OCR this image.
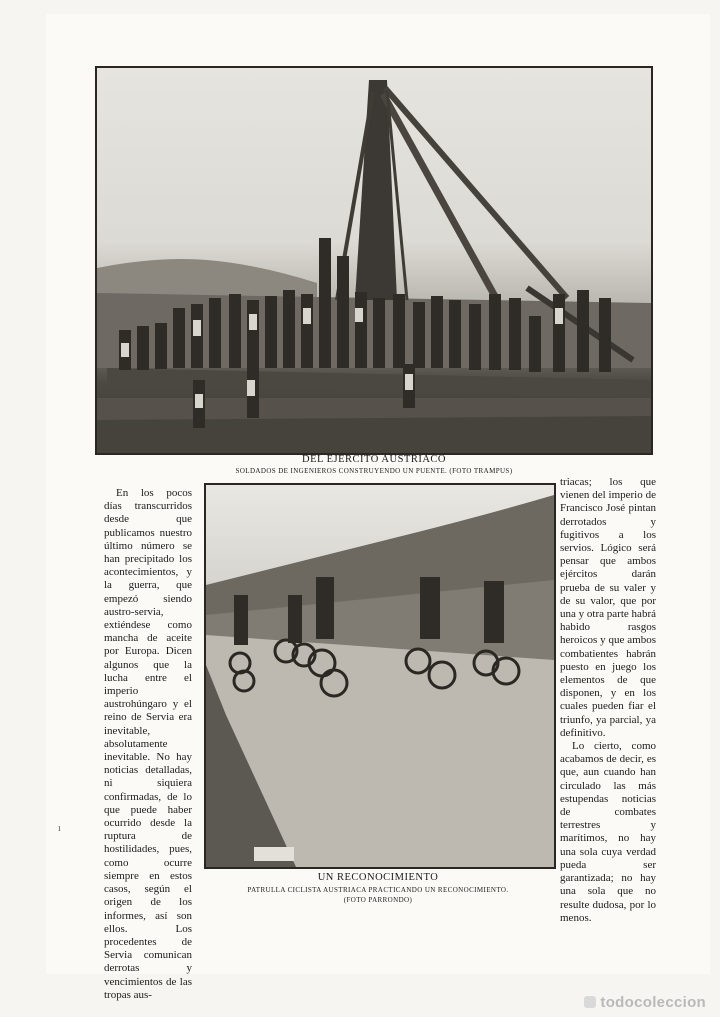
DEL EJERCITO AUSTRIACO
SOLDADOS DE INGENIEROS CONSTRUYENDO UN PUENTE. (FOTO TRAMPUS)

En los pocos días transcurridos desde que publicamos nuestro último número se han precipitado los acontecimientos, y la guerra, que empezó siendo austro-servia, extiéndese como mancha de aceite por Europa. Dicen algunos que la lucha entre el imperio austrohúngaro y el reino de Servia era inevitable, absolutamente inevitable. No hay noticias detalladas, ni siquiera confirmadas, de lo que puede haber ocurrido desde la ruptura de hostilidades, pues, como ocurre siempre en estos casos, según el origen de los informes, así son ellos. Los procedentes de Servia comunican derrotas y vencimientos de las tropas aus-

UN RECONOCIMIENTO
PATRULLA CICLISTA AUSTRIACA PRACTICANDO UN RECONOCIMIENTO.
(FOTO PARRONDO)

triacas; los que vienen del imperio de Francisco José pintan derrotados y fugitivos a los servios. Lógico será pensar que ambos ejércitos darán prueba de su valer y de su valor, que por una y otra parte habrá habido rasgos heroicos y que ambos combatientes habrán puesto en juego los elementos de que disponen, y en los cuales pueden fiar el triunfo, ya parcial, ya definitivo.

Lo cierto, como acabamos de decir, es que, aun cuando han circulado las más estupendas noticias de combates terrestres y marítimos, no hay una sola cuya verdad pueda ser garantizada; no hay una sola que no resulte dudosa, por lo menos.

ı
todocoleccion
